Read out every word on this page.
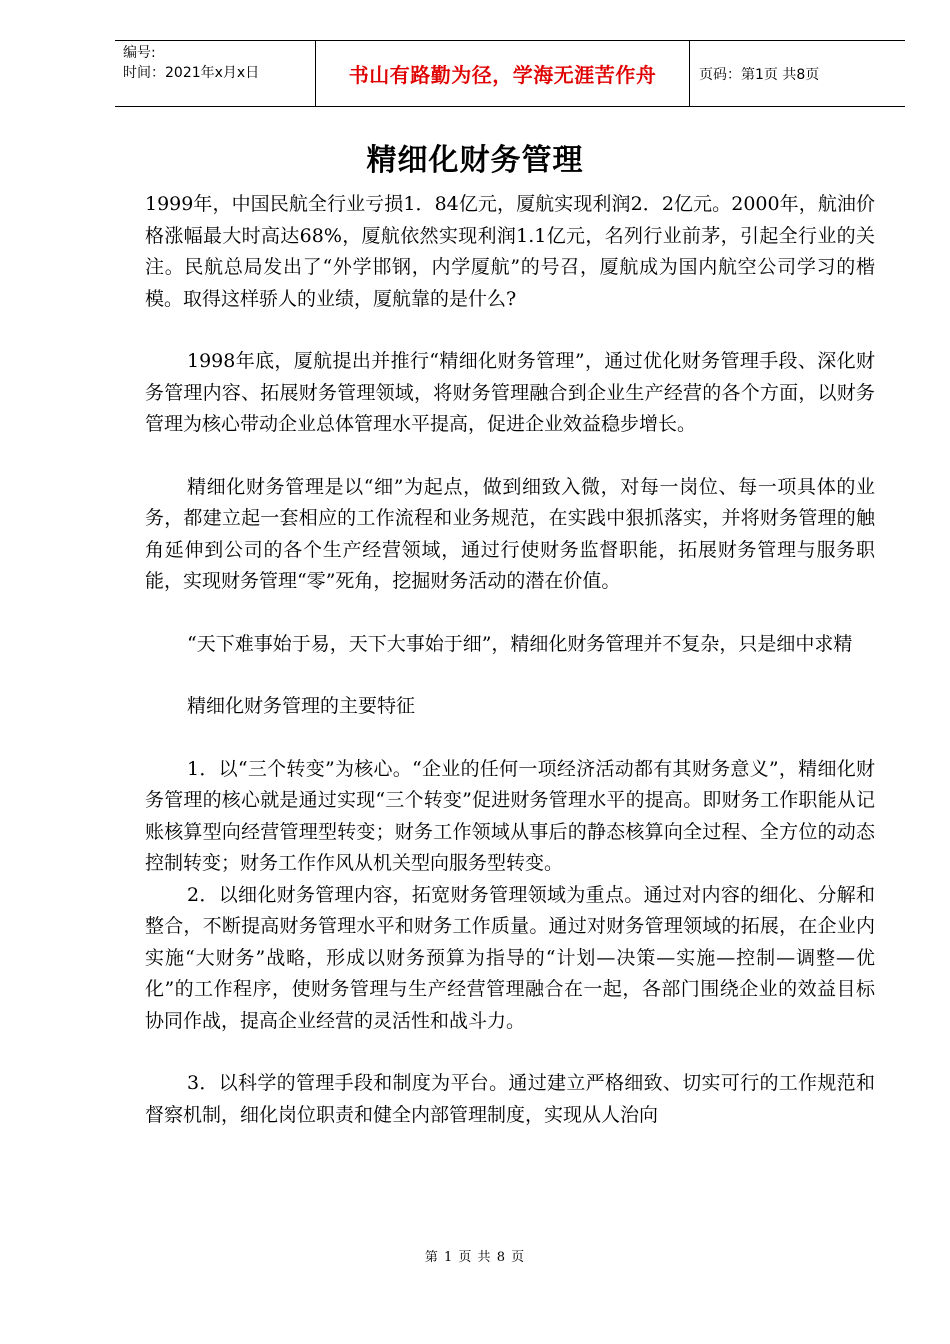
编号:
时间：2021年x月x日	书山有路勤为径，学海无涯苦作舟	页码：第1页 共8页
精细化财务管理

1999年，中国民航全行业亏损1．84亿元，厦航实现利润2．2亿元。2000年，航油价格涨幅最大时高达68%，厦航依然实现利润1.1亿元，名列行业前茅，引起全行业的关注。民航总局发出了“外学邯钢，内学厦航”的号召，厦航成为国内航空公司学习的楷模。取得这样骄人的业绩，厦航靠的是什么?

1998年底，厦航提出并推行“精细化财务管理”，通过优化财务管理手段、深化财务管理内容、拓展财务管理领域，将财务管理融合到企业生产经营的各个方面，以财务管理为核心带动企业总体管理水平提高，促进企业效益稳步增长。

精细化财务管理是以“细”为起点，做到细致入微，对每一岗位、每一项具体的业务，都建立起一套相应的工作流程和业务规范，在实践中狠抓落实，并将财务管理的触角延伸到公司的各个生产经营领域，通过行使财务监督职能，拓展财务管理与服务职能，实现财务管理“零”死角，挖掘财务活动的潜在价值。

“天下难事始于易，天下大事始于细”，精细化财务管理并不复杂，只是细中求精

精细化财务管理的主要特征

1．以“三个转变”为核心。“企业的任何一项经济活动都有其财务意义”，精细化财务管理的核心就是通过实现“三个转变”促进财务管理水平的提高。即财务工作职能从记账核算型向经营管理型转变；财务工作领域从事后的静态核算向全过程、全方位的动态控制转变；财务工作作风从机关型向服务型转变。

2．以细化财务管理内容，拓宽财务管理领域为重点。通过对内容的细化、分解和整合，不断提高财务管理水平和财务工作质量。通过对财务管理领域的拓展，在企业内实施“大财务”战略，形成以财务预算为指导的“计划—决策—实施—控制—调整—优化”的工作程序，使财务管理与生产经营管理融合在一起，各部门围绕企业的效益目标协同作战，提高企业经营的灵活性和战斗力。

3．以科学的管理手段和制度为平台。通过建立严格细致、切实可行的工作规范和督察机制，细化岗位职责和健全内部管理制度，实现从人治向

第 1 页 共 8 页
